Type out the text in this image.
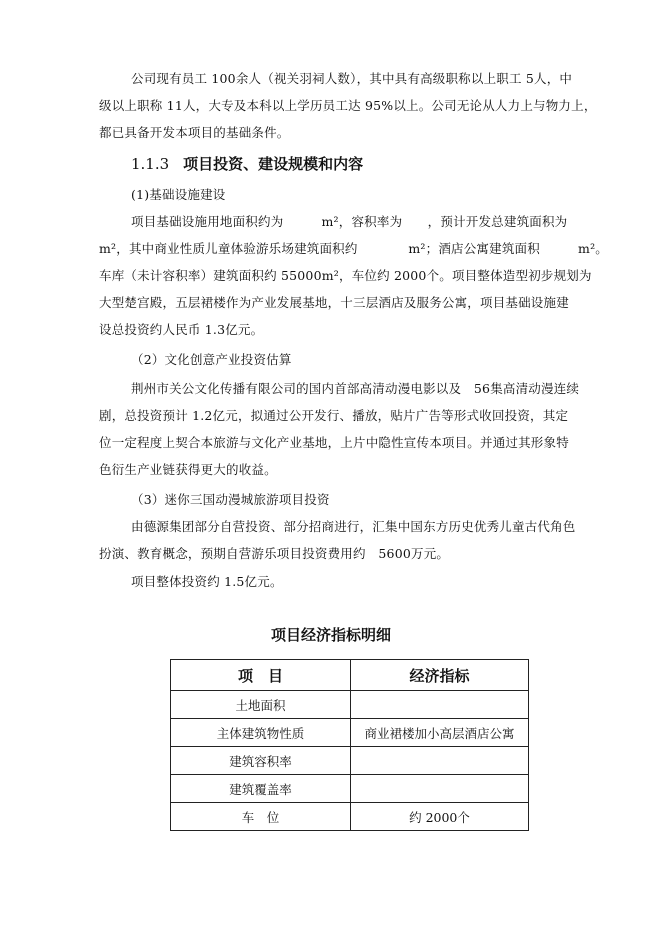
公司现有员工 100余人（视关羽祠人数），其中具有高级职称以上职工 5人，中
级以上职称 11人，大专及本科以上学历员工达 95%以上。公司无论从人力上与物力上，
都已具备开发本项目的基础条件。
1.1.3 项目投资、建设规模和内容
(1)基础设施建设
项目基础设施用地面积约为　　　m²，容积率为　　，预计开发总建筑面积为
m²，其中商业性质儿童体验游乐场建筑面积约　　　　m²；酒店公寓建筑面积　　　m²。
车库（未计容积率）建筑面积约 55000m²，车位约 2000个。项目整体造型初步规划为
大型楚宫殿，五层裙楼作为产业发展基地，十三层酒店及服务公寓，项目基础设施建
设总投资约人民币 1.3亿元。
（2）文化创意产业投资估算
荆州市关公文化传播有限公司的国内首部高清动漫电影以及　56集高清动漫连续
剧，总投资预计 1.2亿元，拟通过公开发行、播放，贴片广告等形式收回投资，其定
位一定程度上契合本旅游与文化产业基地，上片中隐性宣传本项目。并通过其形象特
色衍生产业链获得更大的收益。
（3）迷你三国动漫城旅游项目投资
由德源集团部分自营投资、部分招商进行，汇集中国东方历史优秀儿童古代角色
扮演、教育概念，预期自营游乐项目投资费用约　5600万元。
项目整体投资约 1.5亿元。
项目经济指标明细
项　目	经济指标
土地面积	
主体建筑物性质	商业裙楼加小高层酒店公寓
建筑容积率	
建筑覆盖率	
车　位	约 2000个
